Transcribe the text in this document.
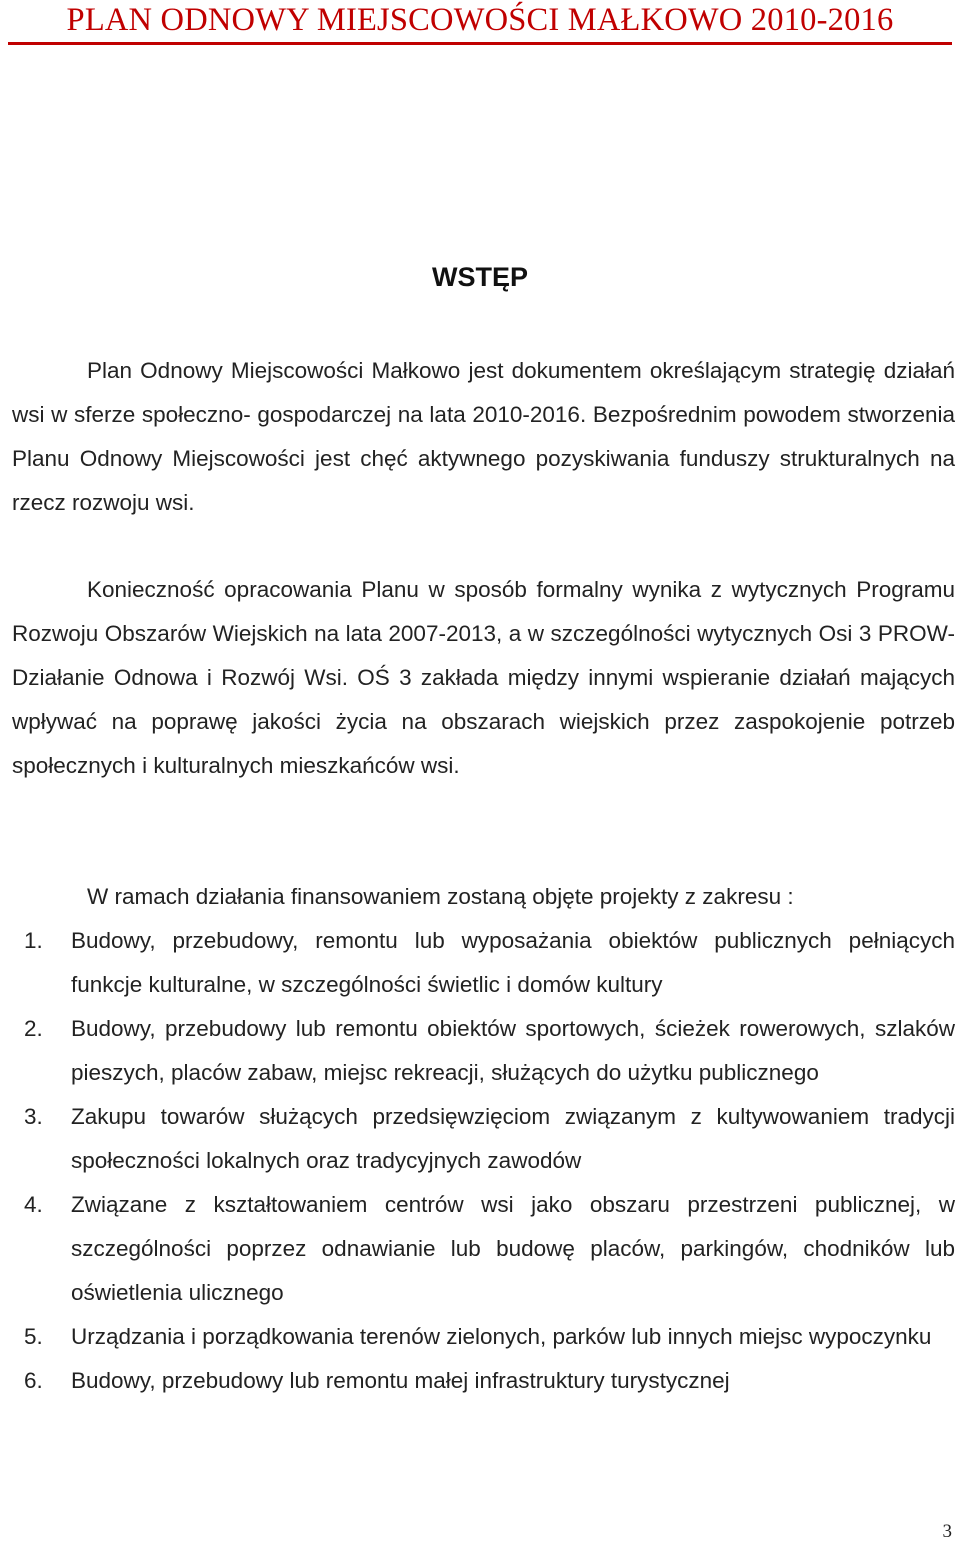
PLAN ODNOWY MIEJSCOWOŚCI MAŁKOWO 2010-2016
WSTĘP

Plan Odnowy Miejscowości Małkowo jest dokumentem określającym strategię działań wsi w sferze społeczno- gospodarczej na lata 2010-2016. Bezpośrednim powodem stworzenia Planu Odnowy Miejscowości jest chęć aktywnego pozyskiwania funduszy strukturalnych na rzecz rozwoju wsi.

Konieczność opracowania Planu w sposób formalny wynika z wytycznych Programu Rozwoju Obszarów Wiejskich na lata 2007-2013, a w szczególności wytycznych Osi 3 PROW- Działanie Odnowa i Rozwój Wsi. OŚ 3 zakłada między innymi wspieranie działań mających wpływać na poprawę jakości życia na obszarach wiejskich przez zaspokojenie potrzeb społecznych i kulturalnych mieszkańców wsi.

W ramach działania finansowaniem zostaną objęte projekty z zakresu :
1. Budowy, przebudowy, remontu lub wyposażania obiektów publicznych pełniących funkcje kulturalne, w szczególności świetlic i domów kultury
2. Budowy, przebudowy lub remontu obiektów sportowych, ścieżek rowerowych, szlaków pieszych, placów zabaw, miejsc rekreacji, służących do użytku publicznego
3. Zakupu towarów służących przedsięwzięciom związanym z kultywowaniem tradycji społeczności lokalnych oraz tradycyjnych zawodów
4. Związane z kształtowaniem centrów wsi jako obszaru przestrzeni publicznej, w szczególności poprzez odnawianie lub budowę placów, parkingów, chodników lub oświetlenia ulicznego
5. Urządzania i porządkowania terenów zielonych, parków lub innych miejsc wypoczynku
6. Budowy, przebudowy lub remontu małej infrastruktury turystycznej
3
